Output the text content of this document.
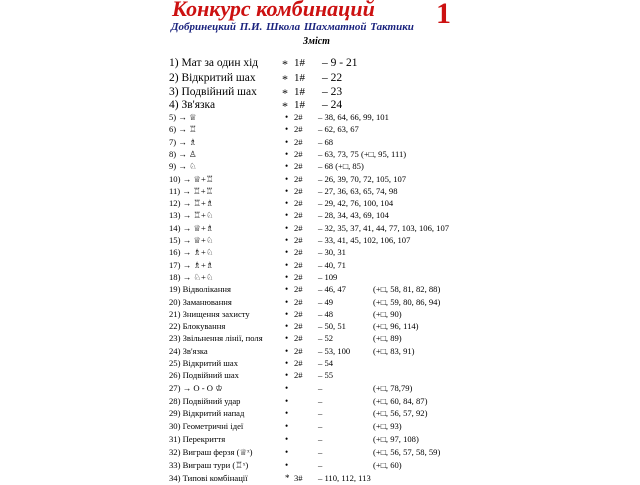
Конкурс комбинаций 1
Добринецкий П.И. Школа Шахматной Тактики
Зміст
1) Мат за один хід * 1# – 9 - 21
2) Відкритий шах * 1# – 22
3) Подвійний шах * 1# – 23
4) Зв'язка	* 1# – 24
5) → ♕	• 2# – 38, 64, 66, 99, 101
6) → ♖	• 2# – 62, 63, 67
7) → ♗	• 2# – 68
8) → ♙	• 2# – 63, 73, 75 (+□, 95, 111)
9) → ♘	• 2# – 68 (+□, 85)
10) → ♕+♖	• 2# – 26, 39, 70, 72, 105, 107
11) → ♖+♖	• 2# – 27, 36, 63, 65, 74, 98
12) → ♖+♗	• 2# – 29, 42, 76, 100, 104
13) → ♖+♘	• 2# – 28, 34, 43, 69, 104
14) → ♕+♗	• 2# – 32, 35, 37, 41, 44, 77, 103, 106, 107
15) → ♕+♘	• 2# – 33, 41, 45, 102, 106, 107
16) → ♗+♘	• 2# – 30, 31
17) → ♗+♗	• 2# – 40, 71
18) → ♘+♘	• 2# – 109
19) Відволікання	• 2# – 46, 47	(+□, 58, 81, 82, 88)
20) Заманювання	• 2# – 49	(+□, 59, 80, 86, 94)
21) Знищення захисту	• 2# – 48	(+□, 90)
22) Блокування	• 2# – 50, 51	(+□, 96, 114)
23) Звільнення лінії, поля • 2# – 52	(+□, 89)
24) Зв'язка	• 2# – 53, 100	(+□, 83, 91)
25) Відкритий шах	• 2# – 54
26) Подвійний шах	• 2# – 55
27) → O - O ♔	•	–	(+□, 78,79)
28) Подвійний удар	•	–	(+□, 60, 84, 87)
29) Відкритий напад	•	–	(+□, 56, 57, 92)
30) Геометричні ідеї	•	–	(+□, 93)
31) Перекриття	•	–	(+□, 97, 108)
32) Виграш ферзя (♕ˣ)	•	–	(+□, 56, 57, 58, 59)
33) Виграш тури (♖ˣ)	•	–	(+□, 60)
34) Типові комбінації	* 3# – 110, 112, 113
